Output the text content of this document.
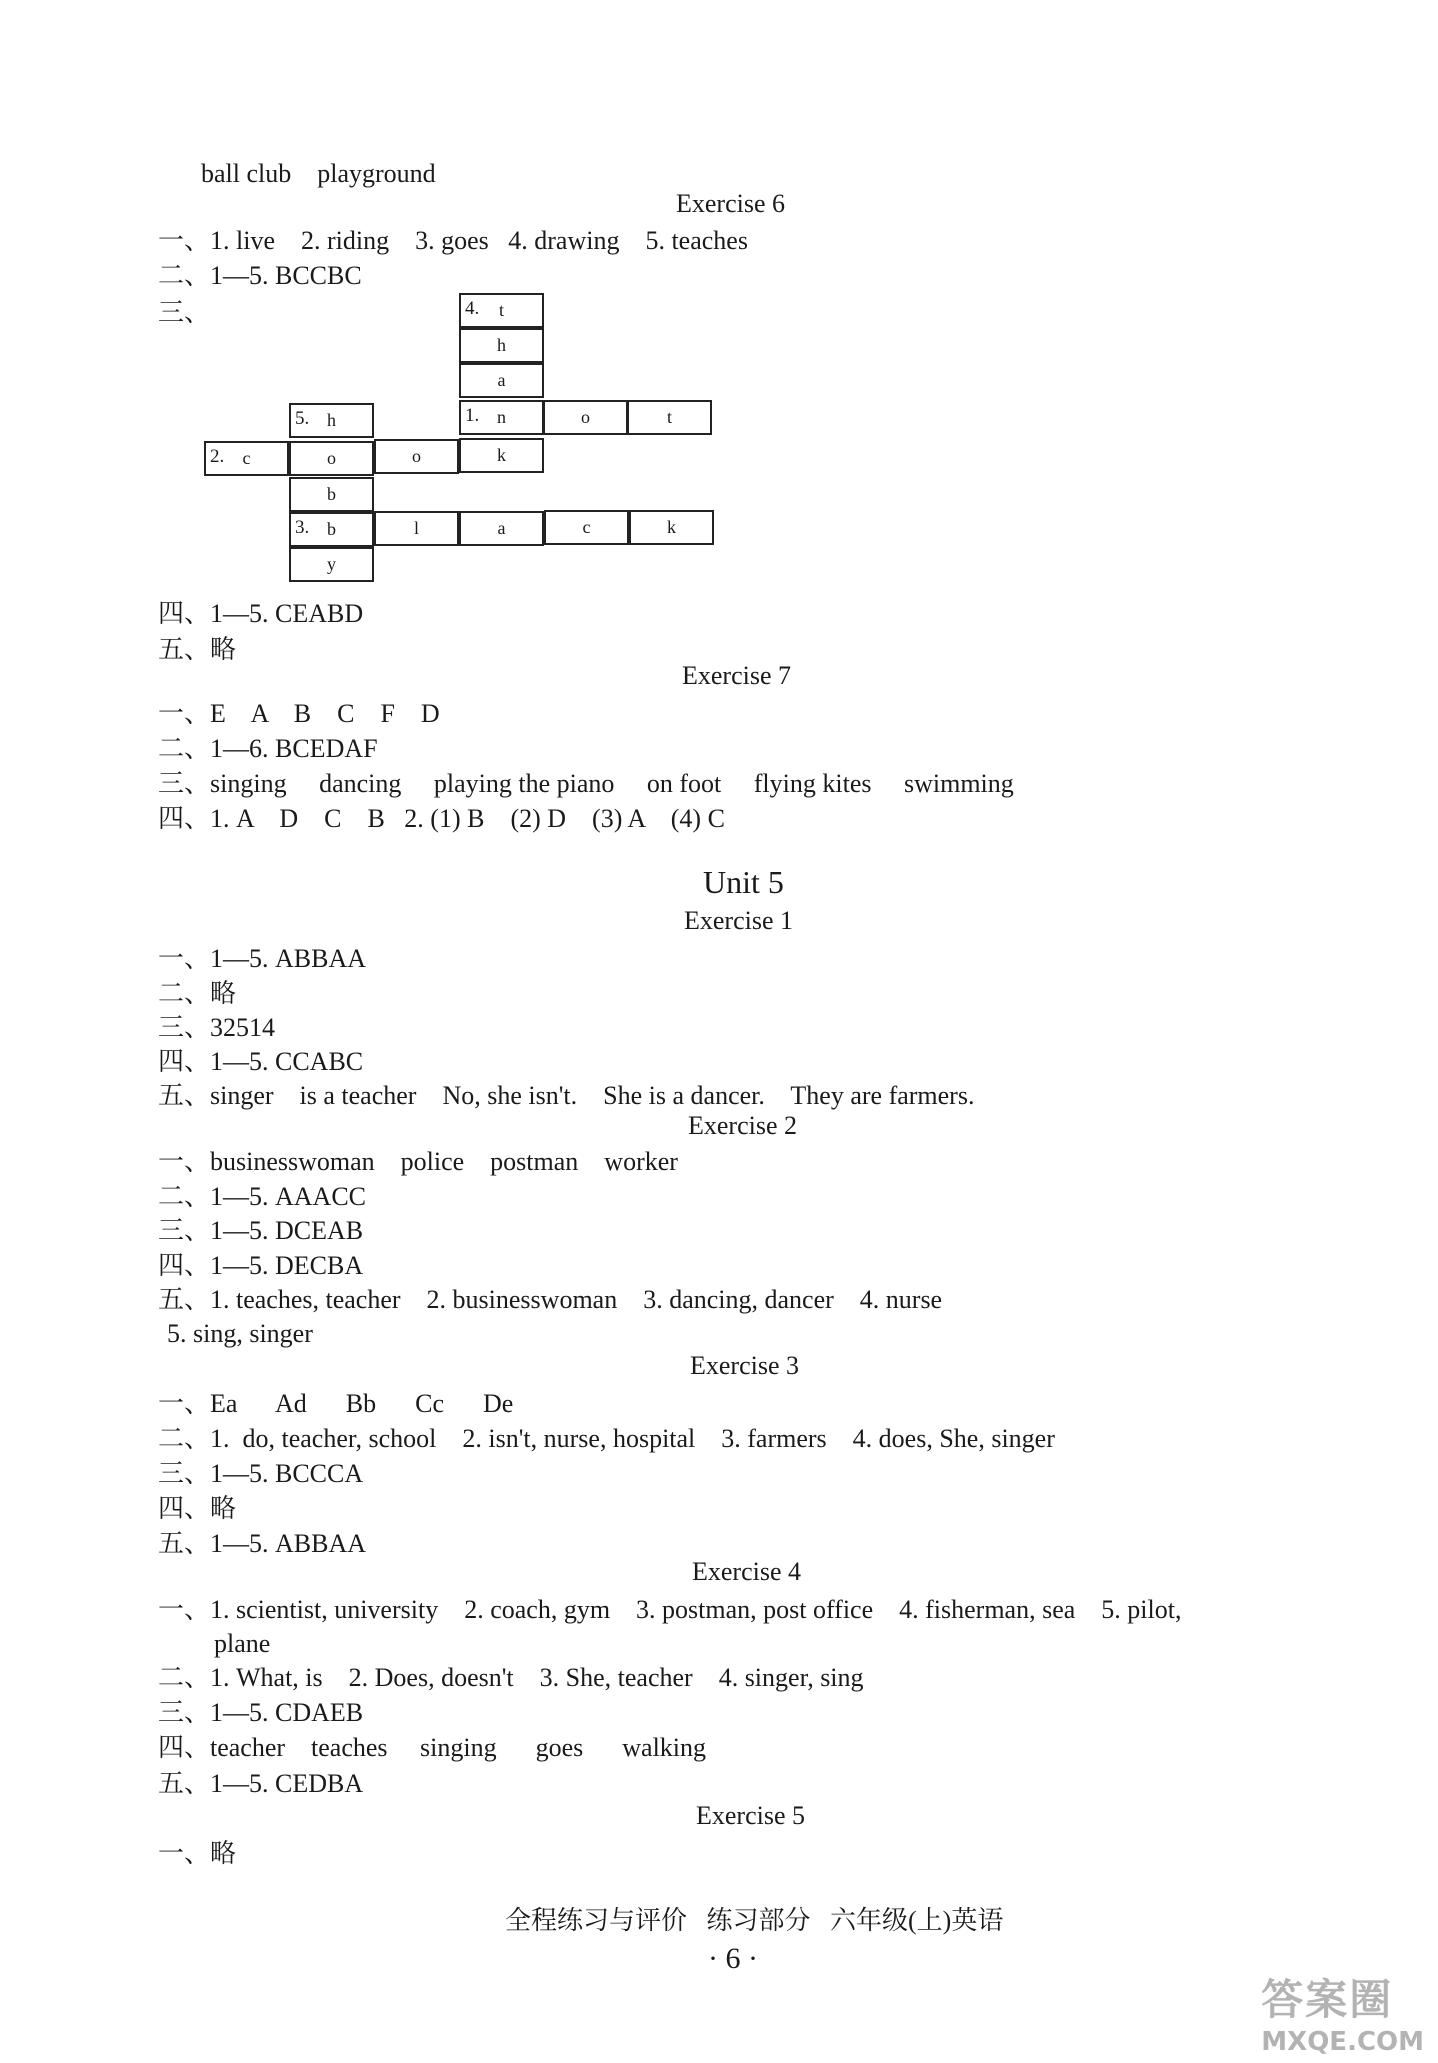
ball club    playground
Exercise 6
一、1. live    2. riding    3. goes   4. drawing    5. teaches
二、1—5. BCCBC
三、	4.	t
h
a
5. h	1. n	o	t
2.	c	o	o	k
b
3. b	l	a	c	k
y
四、1—5. CEABD
五、略
Exercise 7
一、E    A    B    C    F    D
二、1—6. BCEDAF
三、singing     dancing     playing the piano     on foot     flying kites     swimming
四、1. A    D    C    B   2. (1) B    (2) D    (3) A    (4) C
Unit 5
Exercise 1
一、1—5. ABBAA
二、略
三、32514
四、1—5. CCABC
五、singer    is a teacher    No, she isn't.    She is a dancer.    They are farmers.
Exercise 2
一、businesswoman    police    postman    worker
二、1—5. AAACC
三、1—5. DCEAB
四、1—5. DECBA
五、1. teaches, teacher    2. businesswoman    3. dancing, dancer    4. nurse
5. sing, singer
Exercise 3
一、Ea      Ad      Bb      Cc      De
二、1.  do, teacher, school    2. isn't, nurse, hospital    3. farmers    4. does, She, singer
三、1—5. BCCCA
四、略
五、1—5. ABBAA
Exercise 4
一、1. scientist, university    2. coach, gym    3. postman, post office    4. fisherman, sea    5. pilot,
plane
二、1. What, is    2. Does, doesn't    3. She, teacher    4. singer, sing
三、1—5. CDAEB
四、teacher    teaches     singing      goes      walking
五、1—5. CEDBA
Exercise 5
一、略
全程练习与评价   练习部分   六年级(上)英语
· 6 ·
答案圈
MXQE.COM
